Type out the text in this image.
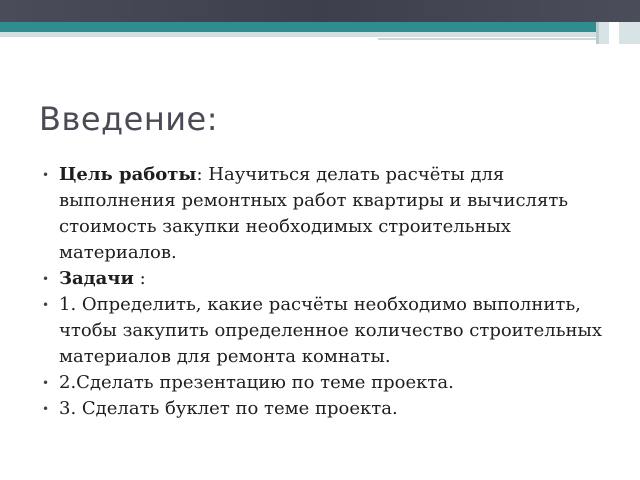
Введение:
• Цель работы: Научиться делать расчёты для выполнения ремонтных работ квартиры и вычислять стоимость закупки необходимых строительных материалов.
• Задачи :
• 1. Определить, какие расчёты необходимо выполнить, чтобы закупить определенное количество строительных материалов для ремонта комнаты.
• 2.Сделать презентацию по теме проекта.
• 3. Сделать буклет по теме проекта.
